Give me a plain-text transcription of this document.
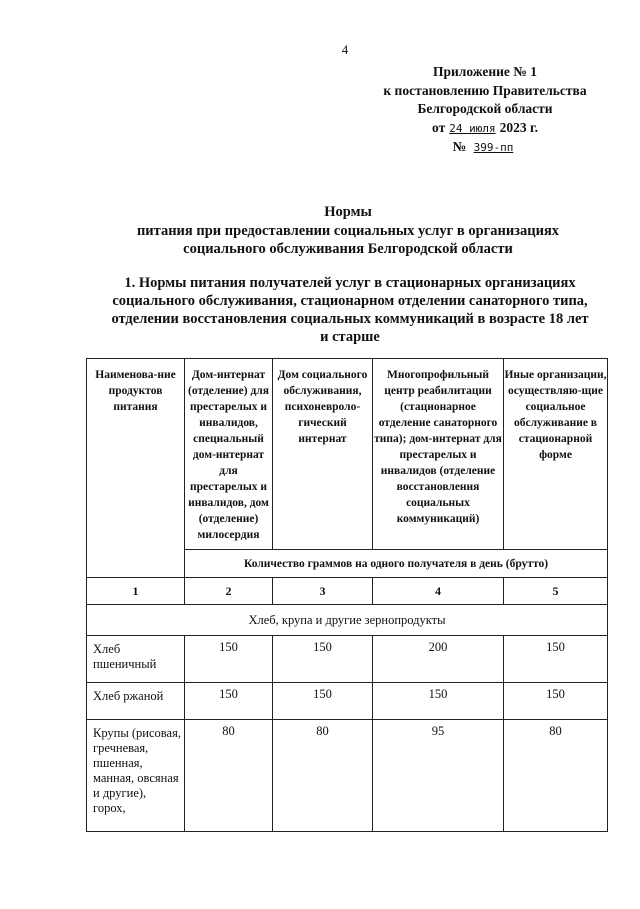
4
Приложение № 1
к постановлению Правительства
Белгородской области
от 24 июля 2023 г.
№ 399-пп
Нормы
питания при предоставлении социальных услуг в организациях социального обслуживания Белгородской области
1. Нормы питания получателей услуг в стационарных организациях социального обслуживания, стационарном отделении санаторного типа, отделении восстановления социальных коммуникаций в возрасте 18 лет и старше
Наименова-ние продуктов питания	Дом-интернат (отделение) для престарелых и инвалидов, специальный дом-интернат для престарелых и инвалидов, дом (отделение) милосердия	Дом социального обслуживания, психоневроло-гический интернат	Многопрофильный центр реабилитации (стационарное отделение санаторного типа); дом-интернат для престарелых и инвалидов (отделение восстановления социальных коммуникаций)	Иные организации, осуществляю-щие социальное обслуживание в стационарной форме
	Количество граммов на одного получателя в день (брутто)			
1	2	3	4	5
Хлеб, крупа и другие зернопродукты				
Хлеб пшеничный	150	150	200	150
Хлеб ржаной	150	150	150	150
Крупы (рисовая, гречневая, пшенная, манная, овсяная и другие), горох,	80	80	95	80
